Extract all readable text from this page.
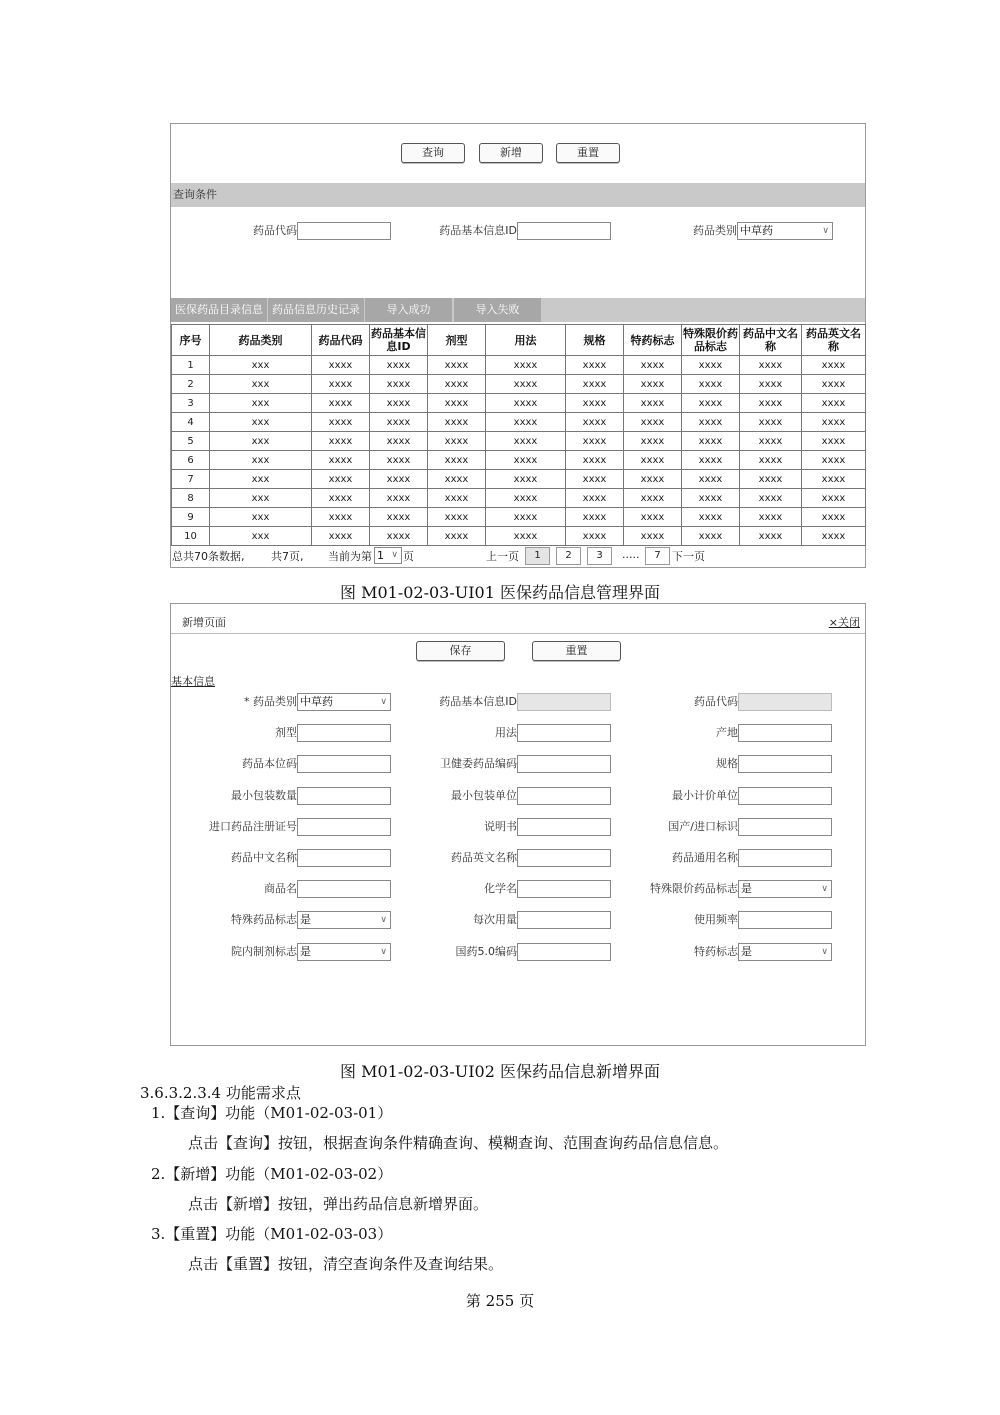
查询	新增	重置
查询条件
药品代码	药品基本信息ID	药品类别 中草药	∨
医保药品目录信息 药品信息历史记录	导入成功	导入失败
序号	药品类别	药品代码	药品基本信息ID	剂型	用法	规格	特药标志	特殊限价药品标志	药品中文名称	药品英文名称
1	xxx	xxxx	xxxx	xxxx	xxxx	xxxx	xxxx	xxxx	xxxx	xxxx
2	xxx	xxxx	xxxx	xxxx	xxxx	xxxx	xxxx	xxxx	xxxx	xxxx
3	xxx	xxxx	xxxx	xxxx	xxxx	xxxx	xxxx	xxxx	xxxx	xxxx
4	xxx	xxxx	xxxx	xxxx	xxxx	xxxx	xxxx	xxxx	xxxx	xxxx
5	xxx	xxxx	xxxx	xxxx	xxxx	xxxx	xxxx	xxxx	xxxx	xxxx
6	xxx	xxxx	xxxx	xxxx	xxxx	xxxx	xxxx	xxxx	xxxx	xxxx
7	xxx	xxxx	xxxx	xxxx	xxxx	xxxx	xxxx	xxxx	xxxx	xxxx
8	xxx	xxxx	xxxx	xxxx	xxxx	xxxx	xxxx	xxxx	xxxx	xxxx
9	xxx	xxxx	xxxx	xxxx	xxxx	xxxx	xxxx	xxxx	xxxx	xxxx
10	xxx	xxxx	xxxx	xxxx	xxxx	xxxx	xxxx	xxxx	xxxx	xxxx
总共70条数据, 共7页, 当前为第 1 ∨ 页	上一页	1	2	3	.....	7	下一页
图 M01-02-03-UI01 医保药品信息管理界面
新增页面	×关闭
保存	重置
基本信息
* 药品类别 中草药	∨	药品基本信息ID	药品代码
剂型	用法	产地
药品本位码	卫健委药品编码	规格
最小包装数量	最小包装单位	最小计价单位
进口药品注册证号	说明书	国产/进口标识
药品中文名称	药品英文名称	药品通用名称
商品名	化学名	特殊限价药品标志 是	∨
特殊药品标志 是	∨	每次用量	使用频率
院内制剂标志 是	∨	国药5.0编码	特药标志 是	∨
图 M01-02-03-UI02 医保药品信息新增界面
3.6.3.2.3.4 功能需求点
1.【查询】功能（M01-02-03-01）
点击【查询】按钮，根据查询条件精确查询、模糊查询、范围查询药品信息信息。
2.【新增】功能（M01-02-03-02）
点击【新增】按钮，弹出药品信息新增界面。
3.【重置】功能（M01-02-03-03）
点击【重置】按钮，清空查询条件及查询结果。
第 255 页
